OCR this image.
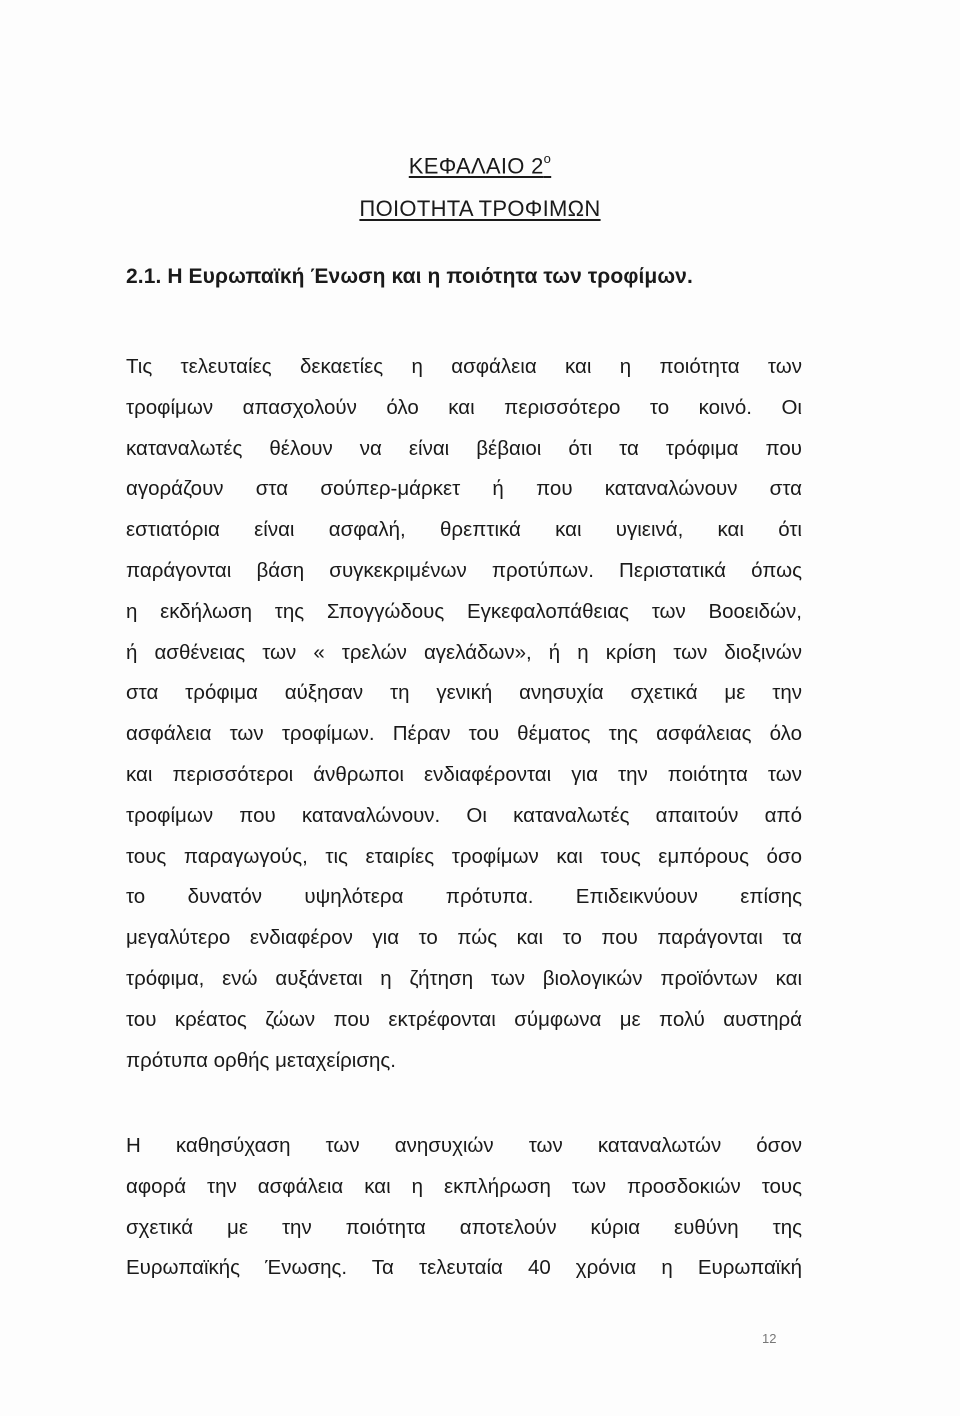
ΚΕΦΑΛΑΙΟ $2^o$
ΠΟΙΟΤΗΤΑ ΤΡΟΦΙΜΩΝ
2.1. Η Ευρωπαϊκή Ένωση και η ποιότητα των τροφίμων.
Τις τελευταίες δεκαετίες η ασφάλεια και η ποιότητα των
τροφίμων απασχολούν όλο και περισσότερο το κοινό. Οι
καταναλωτές θέλουν να είναι βέβαιοι ότι τα τρόφιμα που
αγοράζουν στα σούπερ-μάρκετ ή που καταναλώνουν στα
εστιατόρια είναι ασφαλή, θρεπτικά και υγιεινά, και ότι
παράγονται βάση συγκεκριμένων προτύπων. Περιστατικά όπως
η εκδήλωση της Σπογγώδους Εγκεφαλοπάθειας των Βοοειδών,
ή ασθένειας των « τρελών αγελάδων», ή η κρίση των διοξινών
στα τρόφιμα αύξησαν τη γενική ανησυχία σχετικά με την
ασφάλεια των τροφίμων. Πέραν του θέματος της ασφάλειας όλο
και περισσότεροι άνθρωποι ενδιαφέρονται για την ποιότητα των
τροφίμων που καταναλώνουν. Οι καταναλωτές απαιτούν από
τους παραγωγούς, τις εταιρίες τροφίμων και τους εμπόρους όσο
το δυνατόν υψηλότερα πρότυπα. Επιδεικνύουν επίσης
μεγαλύτερο ενδιαφέρον για το πώς και το που παράγονται τα
τρόφιμα, ενώ αυξάνεται η ζήτηση των βιολογικών προϊόντων και
του κρέατος ζώων που εκτρέφονται σύμφωνα με πολύ αυστηρά
πρότυπα ορθής μεταχείρισης.
Η καθησύχαση των ανησυχιών των καταναλωτών όσον
αφορά την ασφάλεια και η εκπλήρωση των προσδοκιών τους
σχετικά με την ποιότητα αποτελούν κύρια ευθύνη της
Ευρωπαϊκής Ένωσης. Τα τελευταία 40 χρόνια η Ευρωπαϊκή
12
